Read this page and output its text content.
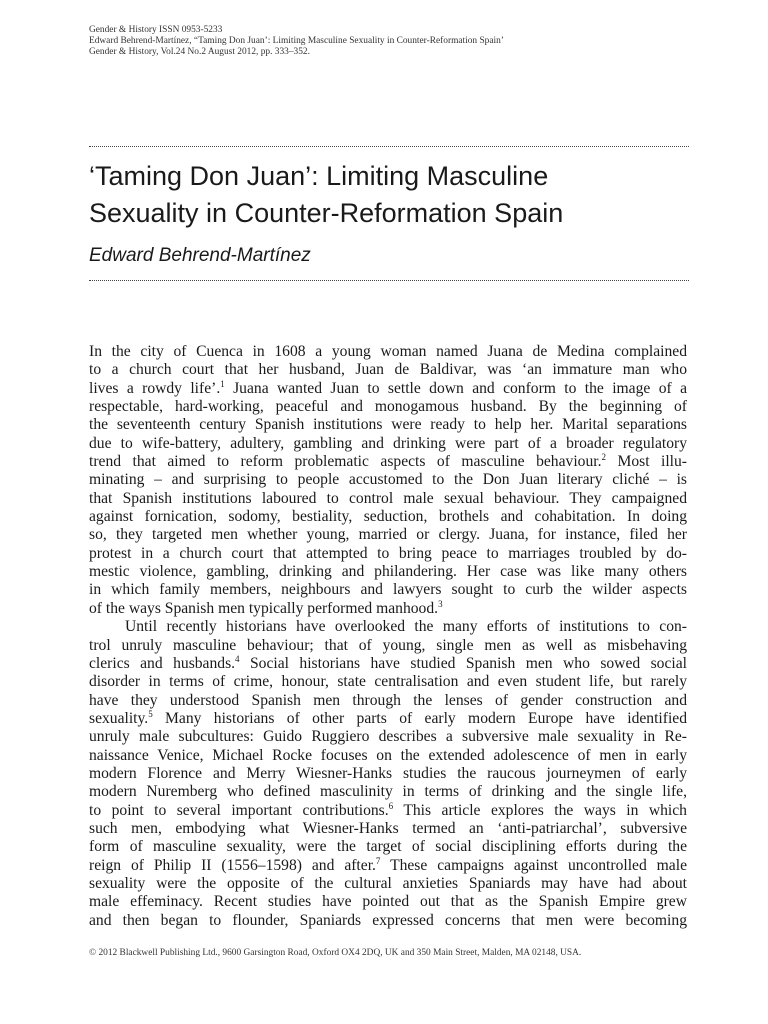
Gender & History ISSN 0953-5233
Edward Behrend-Martínez, “Taming Don Juan’: Limiting Masculine Sexuality in Counter-Reformation Spain’
Gender & History, Vol.24 No.2 August 2012, pp. 333–352.
‘Taming Don Juan’: Limiting Masculine
Sexuality in Counter-Reformation Spain
Edward Behrend-Martínez
In the city of Cuenca in 1608 a young woman named Juana de Medina complained
to a church court that her husband, Juan de Baldivar, was ‘an immature man who
lives a rowdy life’.$^1$ Juana wanted Juan to settle down and conform to the image of a
respectable, hard-working, peaceful and monogamous husband. By the beginning of
the seventeenth century Spanish institutions were ready to help her. Marital separations
due to wife-battery, adultery, gambling and drinking were part of a broader regulatory
trend that aimed to reform problematic aspects of masculine behaviour.$^2$ Most illu-
minating – and surprising to people accustomed to the Don Juan literary cliché – is
that Spanish institutions laboured to control male sexual behaviour. They campaigned
against fornication, sodomy, bestiality, seduction, brothels and cohabitation. In doing
so, they targeted men whether young, married or clergy. Juana, for instance, filed her
protest in a church court that attempted to bring peace to marriages troubled by do-
mestic violence, gambling, drinking and philandering. Her case was like many others
in which family members, neighbours and lawyers sought to curb the wilder aspects
of the ways Spanish men typically performed manhood.$^3$
Until recently historians have overlooked the many efforts of institutions to con-
trol unruly masculine behaviour; that of young, single men as well as misbehaving
clerics and husbands.$^4$ Social historians have studied Spanish men who sowed social
disorder in terms of crime, honour, state centralisation and even student life, but rarely
have they understood Spanish men through the lenses of gender construction and
sexuality.$^5$ Many historians of other parts of early modern Europe have identified
unruly male subcultures: Guido Ruggiero describes a subversive male sexuality in Re-
naissance Venice, Michael Rocke focuses on the extended adolescence of men in early
modern Florence and Merry Wiesner-Hanks studies the raucous journeymen of early
modern Nuremberg who defined masculinity in terms of drinking and the single life,
to point to several important contributions.$^6$ This article explores the ways in which
such men, embodying what Wiesner-Hanks termed an ‘anti-patriarchal’, subversive
form of masculine sexuality, were the target of social disciplining efforts during the
reign of Philip II (1556–1598) and after.$^7$ These campaigns against uncontrolled male
sexuality were the opposite of the cultural anxieties Spaniards may have had about
male effeminacy. Recent studies have pointed out that as the Spanish Empire grew
and then began to flounder, Spaniards expressed concerns that men were becoming
© 2012 Blackwell Publishing Ltd., 9600 Garsington Road, Oxford OX4 2DQ, UK and 350 Main Street, Malden, MA 02148, USA.
